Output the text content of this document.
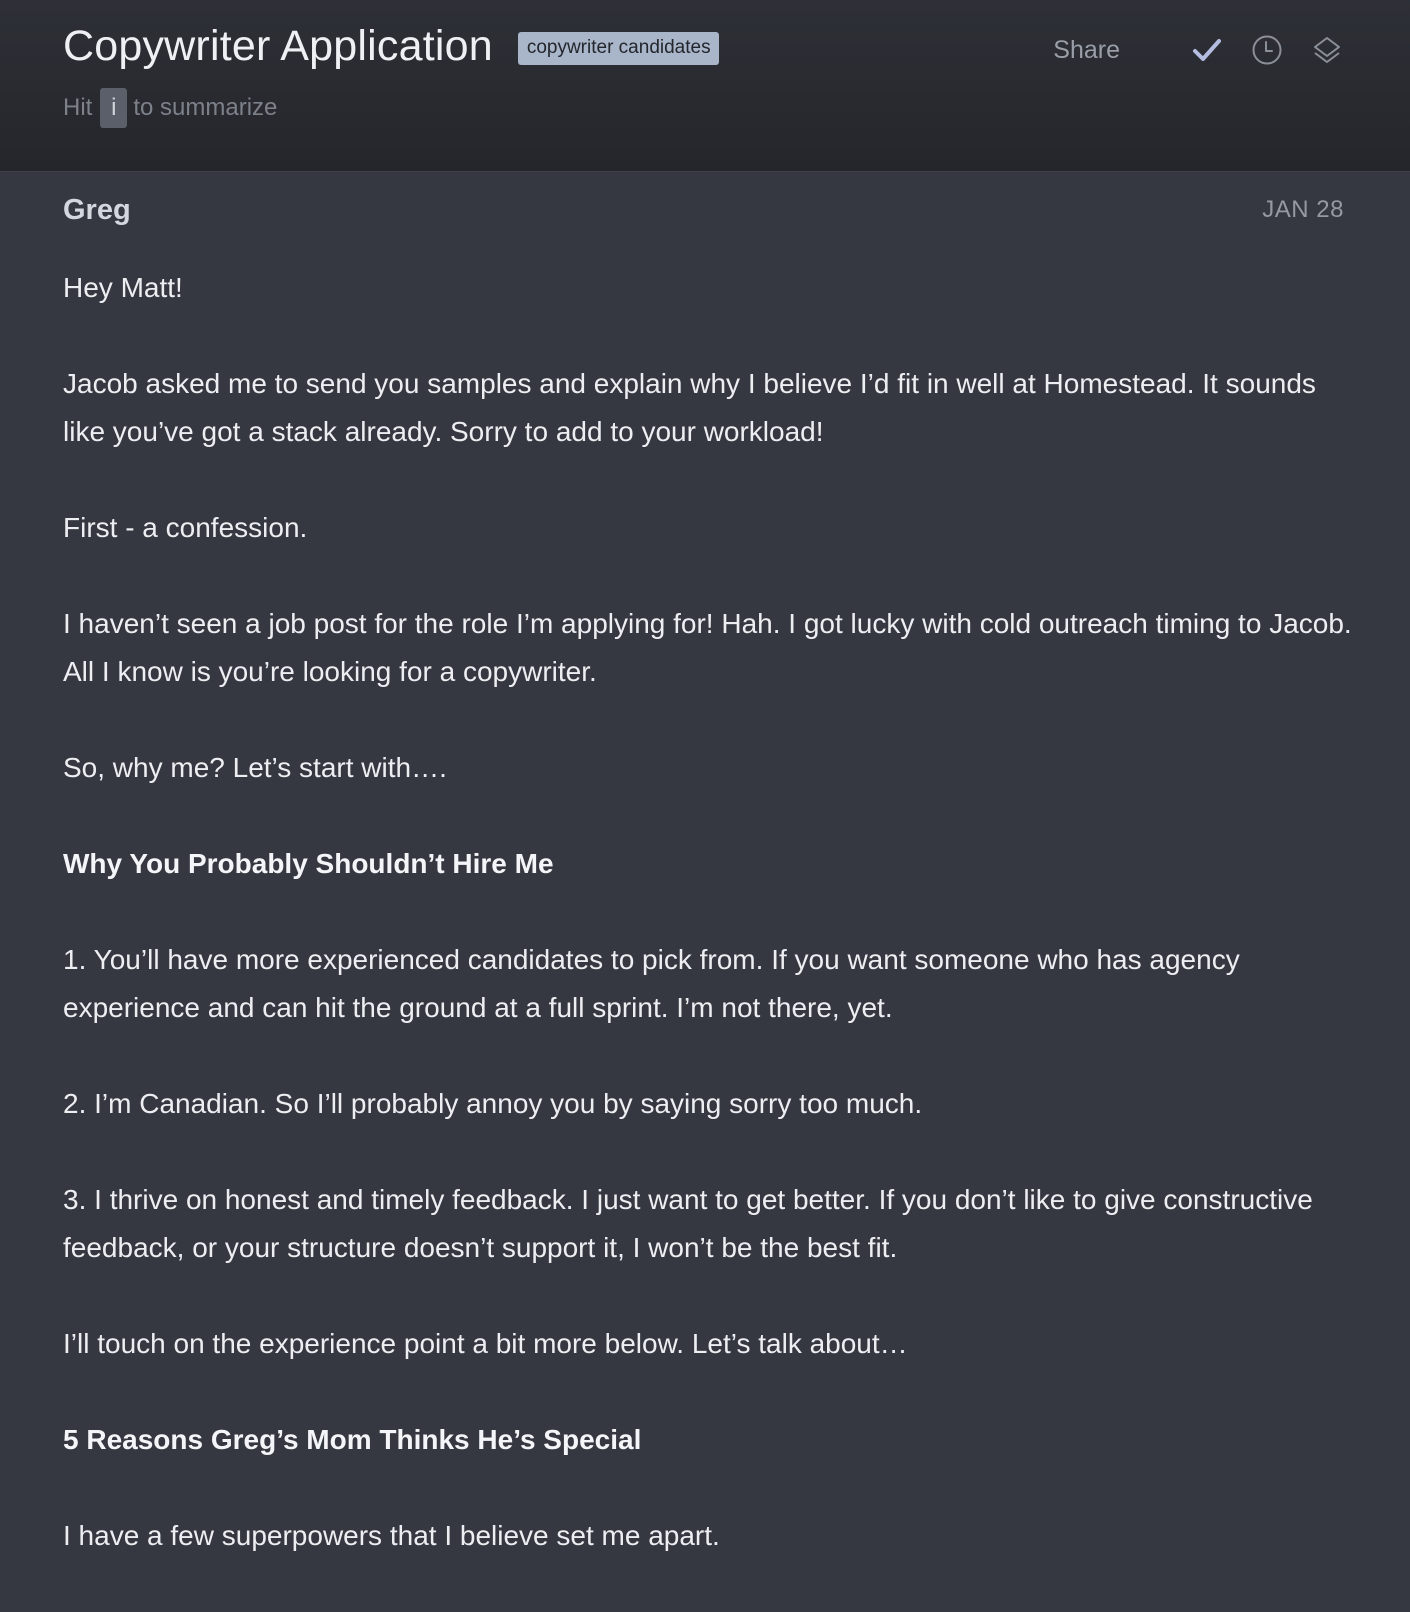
Copywriter Application	copywriter candidates
Hit i to summarize
Share
Greg	JAN 28

Hey Matt!

Jacob asked me to send you samples and explain why I believe I’d fit in well at Homestead. It sounds like you’ve got a stack already. Sorry to add to your workload!

First - a confession.

I haven’t seen a job post for the role I’m applying for! Hah. I got lucky with cold outreach timing to Jacob. All I know is you’re looking for a copywriter.

So, why me? Let’s start with….

Why You Probably Shouldn’t Hire Me

1. You’ll have more experienced candidates to pick from. If you want someone who has agency experience and can hit the ground at a full sprint. I’m not there, yet.

2. I’m Canadian. So I’ll probably annoy you by saying sorry too much.

3. I thrive on honest and timely feedback. I just want to get better. If you don’t like to give constructive feedback, or your structure doesn’t support it, I won’t be the best fit.

I’ll touch on the experience point a bit more below. Let’s talk about…

5 Reasons Greg’s Mom Thinks He’s Special

I have a few superpowers that I believe set me apart.
